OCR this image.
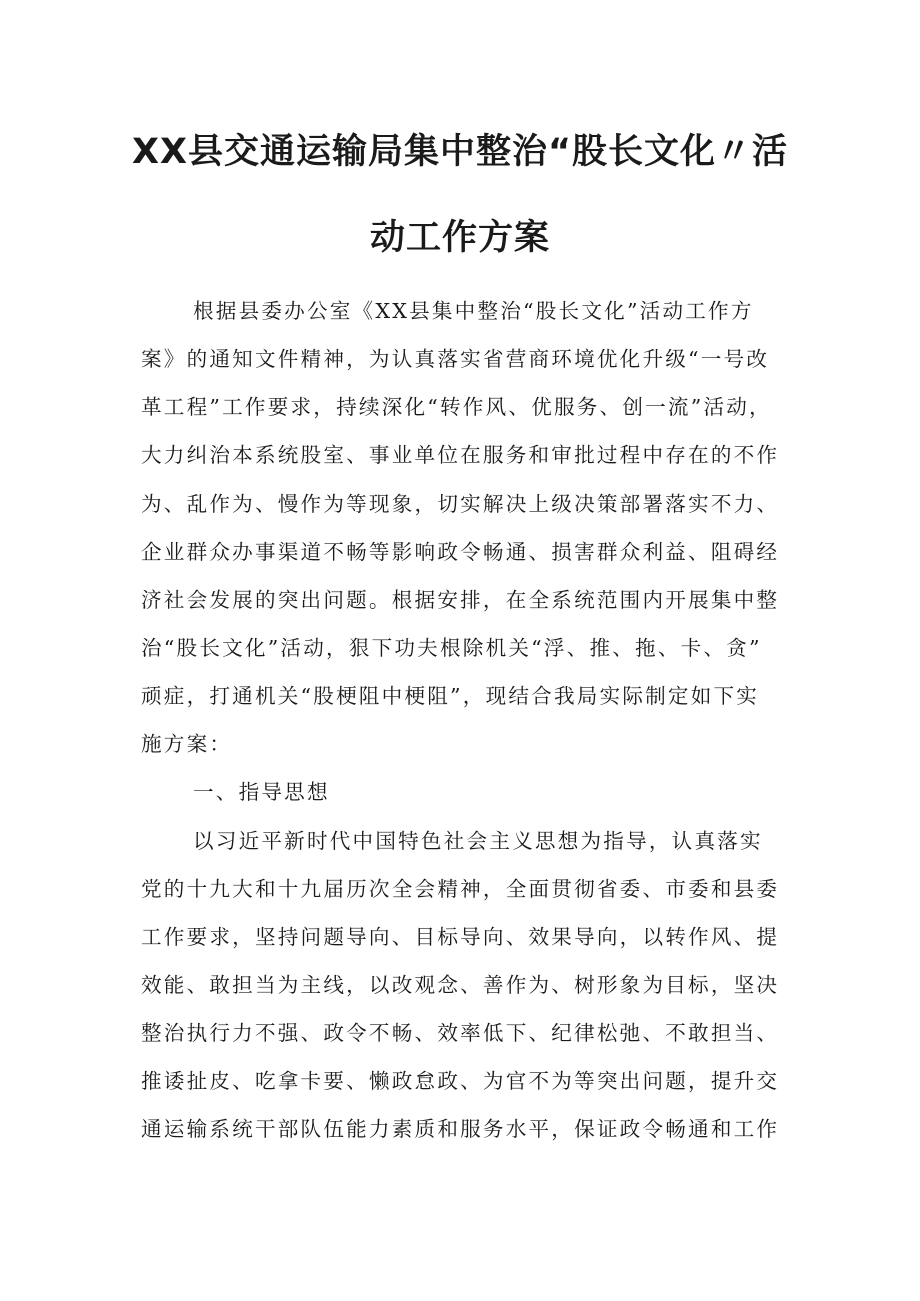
XX县交通运输局集中整治“股长文化〃活
动工作方案
根据县委办公室《XX县集中整治“股长文化”活动工作方
案》的通知文件精神，为认真落实省营商环境优化升级“一号改
革工程”工作要求，持续深化“转作风、优服务、创一流”活动，
大力纠治本系统股室、事业单位在服务和审批过程中存在的不作
为、乱作为、慢作为等现象，切实解决上级决策部署落实不力、
企业群众办事渠道不畅等影响政令畅通、损害群众利益、阻碍经
济社会发展的突出问题。根据安排，在全系统范围内开展集中整
治“股长文化”活动，狠下功夫根除机关“浮、推、拖、卡、贪”
顽症，打通机关“股梗阻中梗阻”，现结合我局实际制定如下实
施方案：
一、指导思想
以习近平新时代中国特色社会主义思想为指导，认真落实
党的十九大和十九届历次全会精神，全面贯彻省委、市委和县委
工作要求，坚持问题导向、目标导向、效果导向，以转作风、提
效能、敢担当为主线，以改观念、善作为、树形象为目标，坚决
整治执行力不强、政令不畅、效率低下、纪律松弛、不敢担当、
推诿扯皮、吃拿卡要、懒政怠政、为官不为等突出问题，提升交
通运输系统干部队伍能力素质和服务水平，保证政令畅通和工作
